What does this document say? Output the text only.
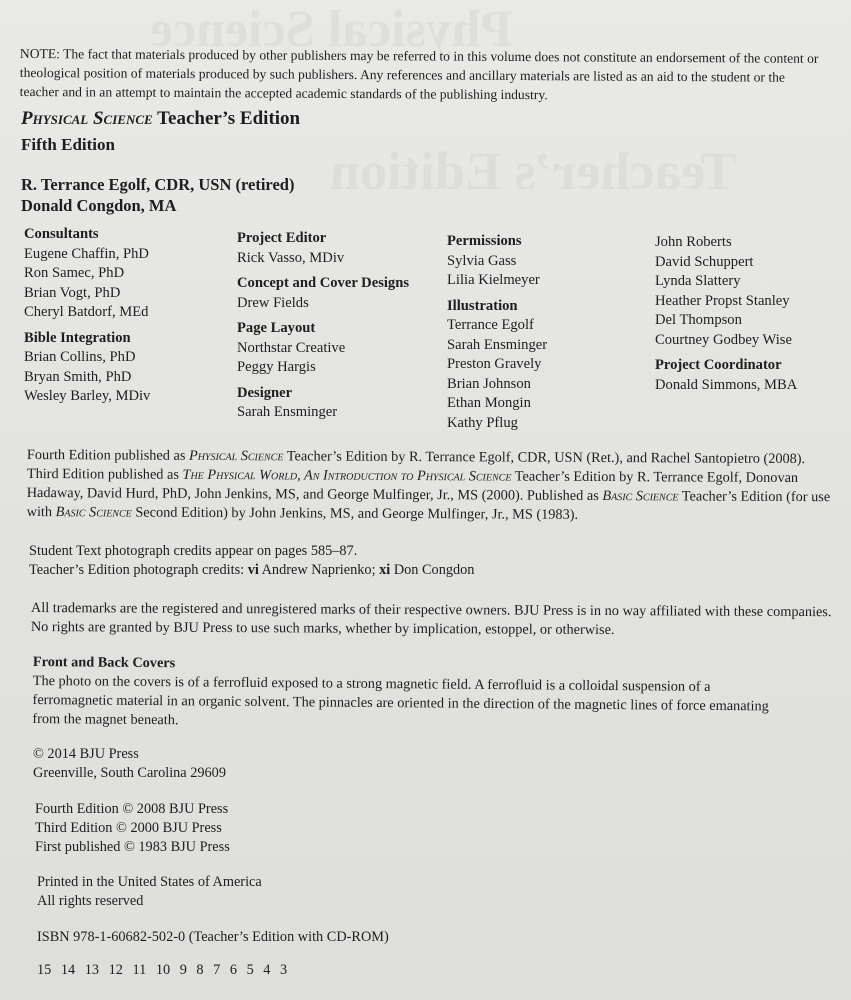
NOTE: The fact that materials produced by other publishers may be referred to in this volume does not constitute an endorsement of the content or theological position of materials produced by such publishers. Any references and ancillary materials are listed as an aid to the student or the teacher and in an attempt to maintain the accepted academic standards of the publishing industry.
Physical Science Teacher’s Edition
Fifth Edition
R. Terrance Egolf, CDR, USN (retired)
Donald Congdon, MA
Consultants
Eugene Chaffin, PhD
Ron Samec, PhD
Brian Vogt, PhD
Cheryl Batdorf, MEd
Bible Integration
Brian Collins, PhD
Bryan Smith, PhD
Wesley Barley, MDiv
Project Editor
Rick Vasso, MDiv
Concept and Cover Designs
Drew Fields
Page Layout
Northstar Creative
Peggy Hargis
Designer
Sarah Ensminger
Permissions
Sylvia Gass
Lilia Kielmeyer
Illustration
Terrance Egolf
Sarah Ensminger
Preston Gravely
Brian Johnson
Ethan Mongin
Kathy Pflug
John Roberts
David Schuppert
Lynda Slattery
Heather Propst Stanley
Del Thompson
Courtney Godbey Wise
Project Coordinator
Donald Simmons, MBA
Fourth Edition published as Physical Science Teacher’s Edition by R. Terrance Egolf, CDR, USN (Ret.), and Rachel Santopietro (2008). Third Edition published as The Physical World, An Introduction to Physical Science Teacher’s Edition by R. Terrance Egolf, Donovan Hadaway, David Hurd, PhD, John Jenkins, MS, and George Mulfinger, Jr., MS (2000). Published as Basic Science Teacher’s Edition (for use with Basic Science Second Edition) by John Jenkins, MS, and George Mulfinger, Jr., MS (1983).
Student Text photograph credits appear on pages 585–87.
Teacher’s Edition photograph credits: vi Andrew Naprienko; xi Don Congdon
All trademarks are the registered and unregistered marks of their respective owners. BJU Press is in no way affiliated with these companies. No rights are granted by BJU Press to use such marks, whether by implication, estoppel, or otherwise.
Front and Back Covers
The photo on the covers is of a ferrofluid exposed to a strong magnetic field. A ferrofluid is a colloidal suspension of a ferromagnetic material in an organic solvent. The pinnacles are oriented in the direction of the magnetic lines of force emanating from the magnet beneath.
© 2014 BJU Press
Greenville, South Carolina 29609
Fourth Edition © 2008 BJU Press
Third Edition © 2000 BJU Press
First published © 1983 BJU Press
Printed in the United States of America
All rights reserved
ISBN 978-1-60682-502-0 (Teacher’s Edition with CD-ROM)
15 14 13 12 11 10 9 8 7 6 5 4 3
